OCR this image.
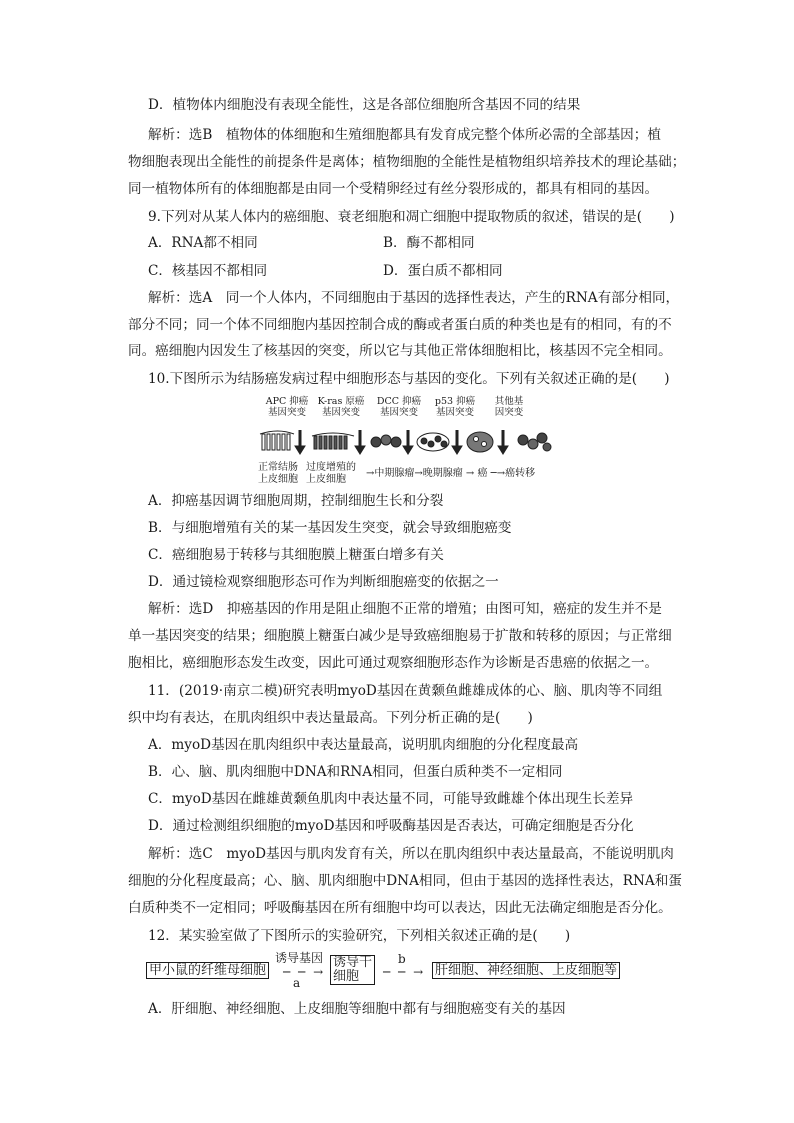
D．植物体内细胞没有表现全能性，这是各部位细胞所含基因不同的结果
解析：选B　植物体的体细胞和生殖细胞都具有发育成完整个体所必需的全部基因；植
物细胞表现出全能性的前提条件是离体；植物细胞的全能性是植物组织培养技术的理论基础；
同一植物体所有的体细胞都是由同一个受精卵经过有丝分裂形成的，都具有相同的基因。
9.下列对从某人体内的癌细胞、衰老细胞和凋亡细胞中提取物质的叙述，错误的是(　　)
A．RNA都不相同	B．酶不都相同
C．核基因不都相同	D．蛋白质不都相同
解析：选A　同一个人体内，不同细胞由于基因的选择性表达，产生的RNA有部分相同，
部分不同；同一个体不同细胞内基因控制合成的酶或者蛋白质的种类也是有的相同，有的不
同。癌细胞内因发生了核基因的突变，所以它与其他正常体细胞相比，核基因不完全相同。
10.下图所示为结肠癌发病过程中细胞形态与基因的变化。下列有关叙述正确的是(　　)
APC 抑癌
基因突变
K-ras 原癌
基因突变
DCC 抑癌
基因突变
p53 抑癌
基因突变
其他基
因突变
正常结肠
上皮细胞
过度增殖的
上皮细胞
→中期腺瘤→晚期腺瘤 → 癌 ─→癌转移
A．抑癌基因调节细胞周期，控制细胞生长和分裂
B．与细胞增殖有关的某一基因发生突变，就会导致细胞癌变
C．癌细胞易于转移与其细胞膜上糖蛋白增多有关
D．通过镜检观察细胞形态可作为判断细胞癌变的依据之一
解析：选D　抑癌基因的作用是阻止细胞不正常的增殖；由图可知，癌症的发生并不是
单一基因突变的结果；细胞膜上糖蛋白减少是导致癌细胞易于扩散和转移的原因；与正常细
胞相比，癌细胞形态发生改变，因此可通过观察细胞形态作为诊断是否患癌的依据之一。
11．(2019·南京二模)研究表明myoD基因在黄颡鱼雌雄成体的心、脑、肌肉等不同组
织中均有表达，在肌肉组织中表达量最高。下列分析正确的是(　　)
A．myoD基因在肌肉组织中表达量最高，说明肌肉细胞的分化程度最高
B．心、脑、肌肉细胞中DNA和RNA相同，但蛋白质种类不一定相同
C．myoD基因在雌雄黄颡鱼肌肉中表达量不同，可能导致雌雄个体出现生长差异
D．通过检测组织细胞的myoD基因和呼吸酶基因是否表达，可确定细胞是否分化
解析：选C　myoD基因与肌肉发育有关，所以在肌肉组织中表达量最高，不能说明肌肉
细胞的分化程度最高；心、脑、肌肉细胞中DNA相同，但由于基因的选择性表达，RNA和蛋
白质种类不一定相同；呼吸酶基因在所有细胞中均可以表达，因此无法确定细胞是否分化。
12．某实验室做了下图所示的实验研究，下列相关叙述正确的是(　　)
甲小鼠的纤维母细胞
诱导基因
─ ─ →
a
诱导干
细胞
b
─ ─ → 肝细胞、神经细胞、上皮细胞等
A．肝细胞、神经细胞、上皮细胞等细胞中都有与细胞癌变有关的基因
